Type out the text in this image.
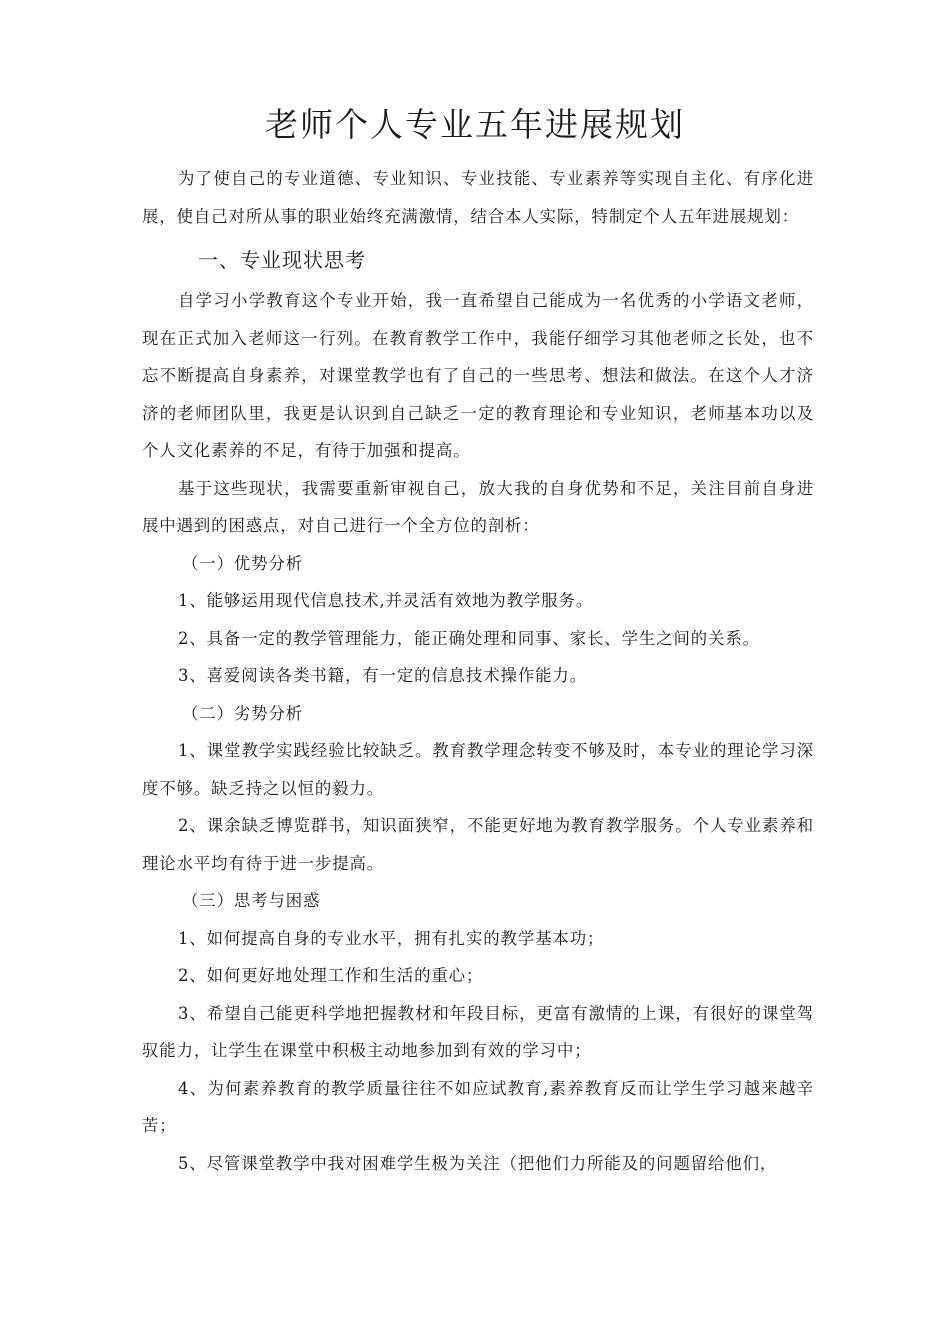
老师个人专业五年进展规划

为了使自己的专业道德、专业知识、专业技能、专业素养等实现自主化、有序化进展，使自己对所从事的职业始终充满激情，结合本人实际，特制定个人五年进展规划：

一、专业现状思考

自学习小学教育这个专业开始，我一直希望自己能成为一名优秀的小学语文老师，现在正式加入老师这一行列。在教育教学工作中，我能仔细学习其他老师之长处，也不忘不断提高自身素养，对课堂教学也有了自己的一些思考、想法和做法。在这个人才济济的老师团队里，我更是认识到自己缺乏一定的教育理论和专业知识，老师基本功以及个人文化素养的不足，有待于加强和提高。

基于这些现状，我需要重新审视自己，放大我的自身优势和不足，关注目前自身进展中遇到的困惑点，对自己进行一个全方位的剖析：

（一）优势分析

1、能够运用现代信息技术,并灵活有效地为教学服务。

2、具备一定的教学管理能力，能正确处理和同事、家长、学生之间的关系。

3、喜爱阅读各类书籍，有一定的信息技术操作能力。

（二）劣势分析

1、课堂教学实践经验比较缺乏。教育教学理念转变不够及时，本专业的理论学习深度不够。缺乏持之以恒的毅力。

2、课余缺乏博览群书，知识面狭窄，不能更好地为教育教学服务。个人专业素养和理论水平均有待于进一步提高。

（三）思考与困惑

1、如何提高自身的专业水平，拥有扎实的教学基本功；

2、如何更好地处理工作和生活的重心；

3、希望自己能更科学地把握教材和年段目标，更富有激情的上课，有很好的课堂驾驭能力，让学生在课堂中积极主动地参加到有效的学习中；

4、为何素养教育的教学质量往往不如应试教育,素养教育反而让学生学习越来越辛苦；

5、尽管课堂教学中我对困难学生极为关注（把他们力所能及的问题留给他们，
